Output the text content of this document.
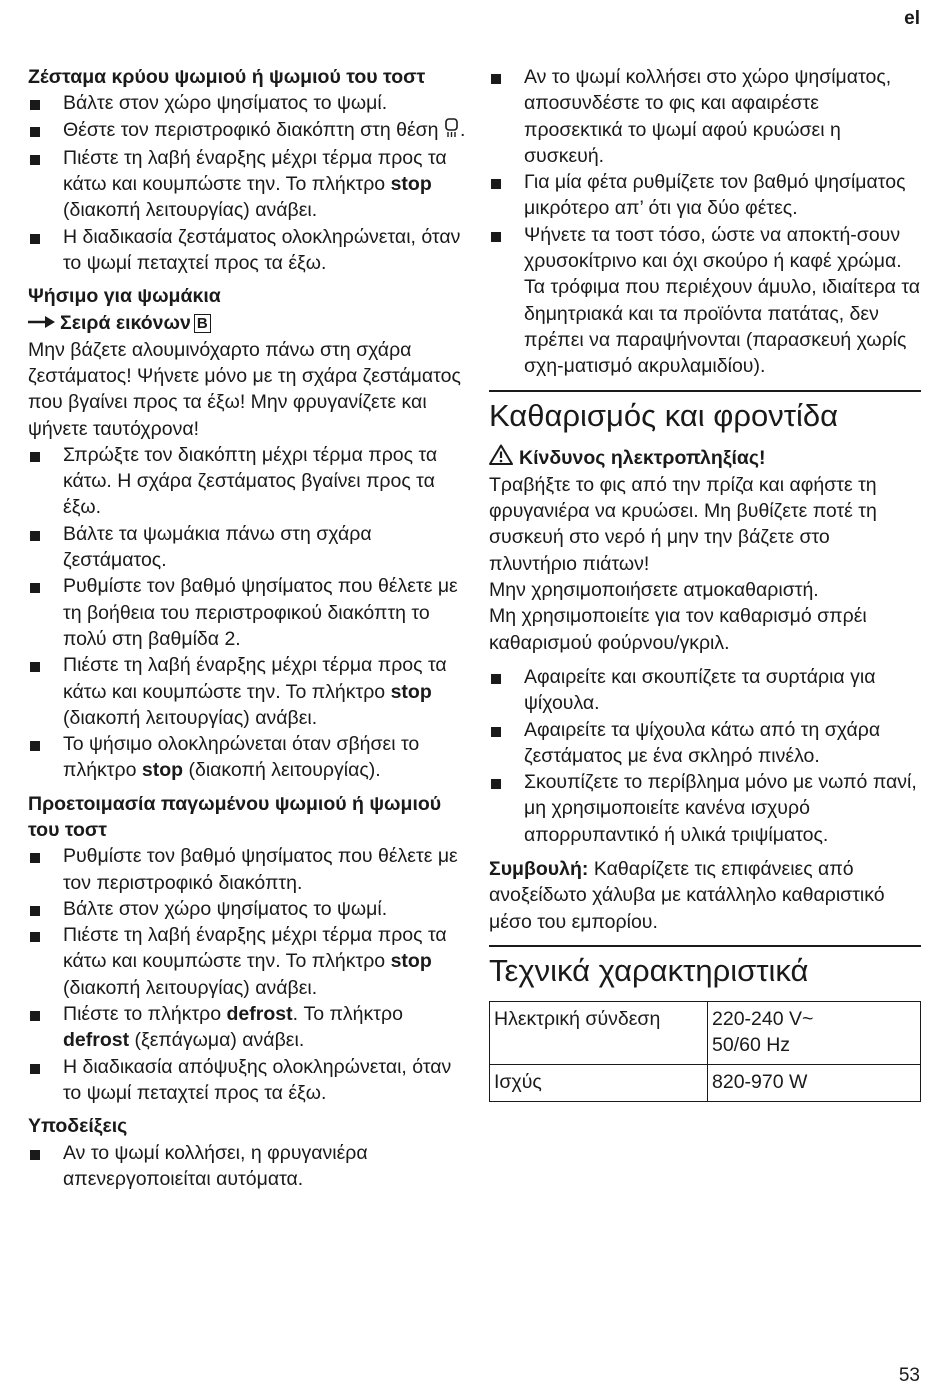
el

Ζέσταμα κρύου ψωμιού ή ψωμιού του τοστ

Βάλτε στον χώρο ψησίματος το ψωμί.
Θέστε τον περιστροφικό διακόπτη στη θέση .
Πιέστε τη λαβή έναρξης μέχρι τέρμα προς τα κάτω και κουμπώστε την. Το πλήκτρο stop (διακοπή λειτουργίας) ανάβει.
Η διαδικασία ζεστάματος ολοκληρώνεται, όταν το ψωμί πεταχτεί προς τα έξω.

Ψήσιμο για ψωμάκια

Σειρά εικόνων B

Μην βάζετε αλουμινόχαρτο πάνω στη σχάρα ζεστάματος! Ψήνετε μόνο με τη σχάρα ζεστάματος που βγαίνει προς τα έξω! Μην φρυγανίζετε και ψήνετε ταυτόχρονα!

Σπρώξτε τον διακόπτη μέχρι τέρμα προς τα κάτω. Η σχάρα ζεστάματος βγαίνει προς τα έξω.
Βάλτε τα ψωμάκια πάνω στη σχάρα ζεστάματος.
Ρυθμίστε τον βαθμό ψησίματος που θέλετε με τη βοήθεια του περιστροφικού διακόπτη το πολύ στη βαθμίδα 2.
Πιέστε τη λαβή έναρξης μέχρι τέρμα προς τα κάτω και κουμπώστε την. Το πλήκτρο stop (διακοπή λειτουργίας) ανάβει.
Το ψήσιμο ολοκληρώνεται όταν σβήσει το πλήκτρο stop (διακοπή λειτουργίας).

Προετοιμασία παγωμένου ψωμιού ή ψωμιού του τοστ

Ρυθμίστε τον βαθμό ψησίματος που θέλετε με τον περιστροφικό διακόπτη.
Βάλτε στον χώρο ψησίματος το ψωμί.
Πιέστε τη λαβή έναρξης μέχρι τέρμα προς τα κάτω και κουμπώστε την. Το πλήκτρο stop (διακοπή λειτουργίας) ανάβει.
Πιέστε το πλήκτρο defrost. Το πλήκτρο defrost (ξεπάγωμα) ανάβει.
Η διαδικασία απόψυξης ολοκληρώνεται, όταν το ψωμί πεταχτεί προς τα έξω.

Υποδείξεις

Αν το ψωμί κολλήσει, η φρυγανιέρα απενεργοποιείται αυτόματα.
Αν το ψωμί κολλήσει στο χώρο ψησίματος, αποσυνδέστε το φις και αφαιρέστε προσεκτικά το ψωμί αφού κρυώσει η συσκευή.
Για μία φέτα ρυθμίζετε τον βαθμό ψησίματος μικρότερο απ’ ότι για δύο φέτες.
Ψήνετε τα τοστ τόσο, ώστε να αποκτή-σουν χρυσοκίτρινο και όχι σκούρο ή καφέ χρώμα. Τα τρόφιμα που περιέχουν άμυλο, ιδιαίτερα τα δημητριακά και τα προϊόντα πατάτας, δεν πρέπει να παραψήνονται (παρασκευή χωρίς σχη-ματισμό ακρυλαμιδίου).
Καθαρισμός και φροντίδα

Κίνδυνος ηλεκτροπληξίας!

Τραβήξτε το φις από την πρίζα και αφήστε τη φρυγανιέρα να κρυώσει. Μη βυθίζετε ποτέ τη συσκευή στο νερό ή μην την βάζετε στο πλυντήριο πιάτων!

Μην χρησιμοποιήσετε ατμοκαθαριστή.

Μη χρησιμοποιείτε για τον καθαρισμό σπρέι καθαρισμού φούρνου/γκριλ.

Αφαιρείτε και σκουπίζετε τα συρτάρια για ψίχουλα.
Αφαιρείτε τα ψίχουλα κάτω από τη σχάρα ζεστάματος με ένα σκληρό πινέλο.
Σκουπίζετε το περίβλημα μόνο με νωπό πανί, μη χρησιμοποιείτε κανένα ισχυρό απορρυπαντικό ή υλικά τριψίματος.

Συμβουλή: Καθαρίζετε τις επιφάνειες από ανοξείδωτο χάλυβα με κατάλληλο καθαριστικό μέσο του εμπορίου.

Τεχνικά χαρακτηριστικά
Ηλεκτρική σύνδεση	220-240 V~
50/60 Hz
Ισχύς	820-970 W
53
